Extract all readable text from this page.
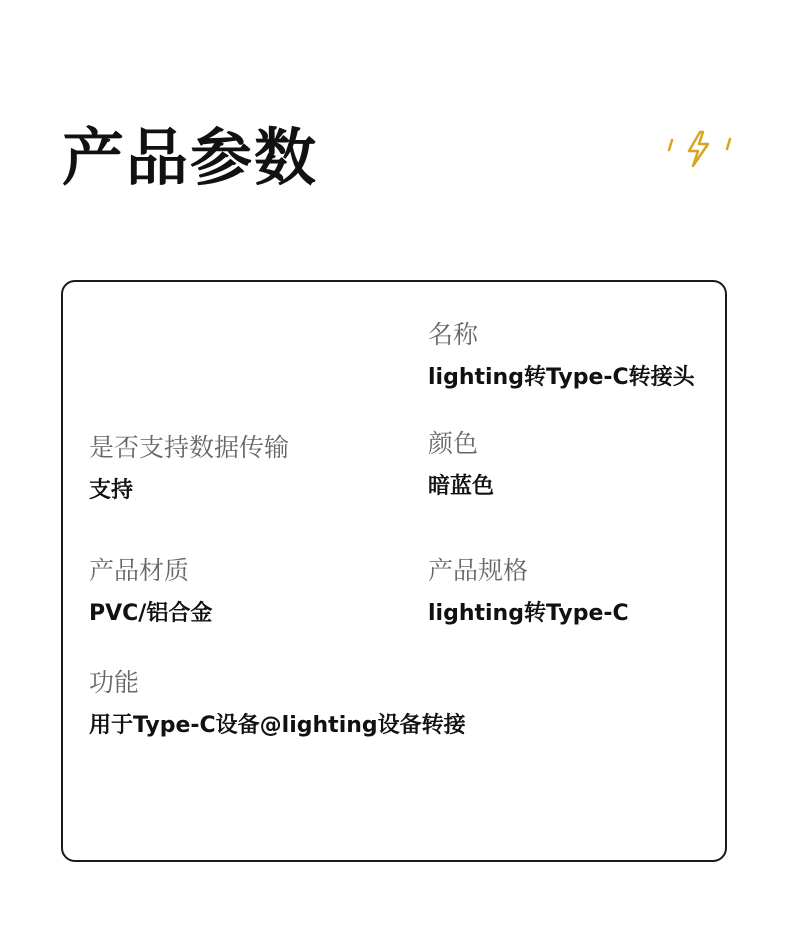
产品参数
名称
lighting转Type-C转接头
是否支持数据传输
支持
颜色
暗蓝色
产品材质
PVC/铝合金
产品规格
lighting转Type-C
功能
用于Type-C设备@lighting设备转接
